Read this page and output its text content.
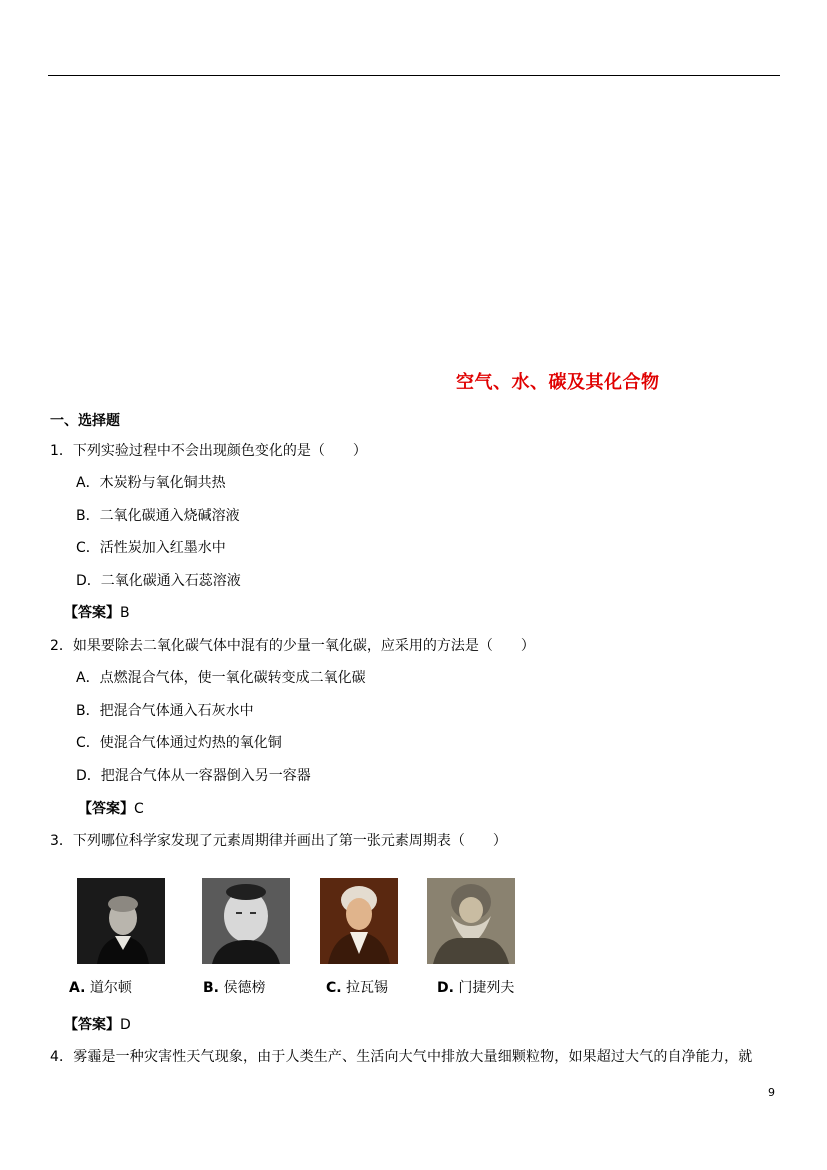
空气、水、碳及其化合物
一、选择题
1．下列实验过程中不会出现颜色变化的是（　　）
A．木炭粉与氧化铜共热
B．二氧化碳通入烧碱溶液
C．活性炭加入红墨水中
D．二氧化碳通入石蕊溶液
【答案】B
2．如果要除去二氧化碳气体中混有的少量一氧化碳，应采用的方法是（　　）
A．点燃混合气体，使一氧化碳转变成二氧化碳
B．把混合气体通入石灰水中
C．使混合气体通过灼热的氧化铜
D．把混合气体从一容器倒入另一容器
【答案】C
3．下列哪位科学家发现了元素周期律并画出了第一张元素周期表（　　）
A. 道尔顿	B. 侯德榜	C. 拉瓦锡	D. 门捷列夫
【答案】D
4．雾霾是一种灾害性天气现象，由于人类生产、生活向大气中排放大量细颗粒物，如果超过大气的自净能力，就
9
